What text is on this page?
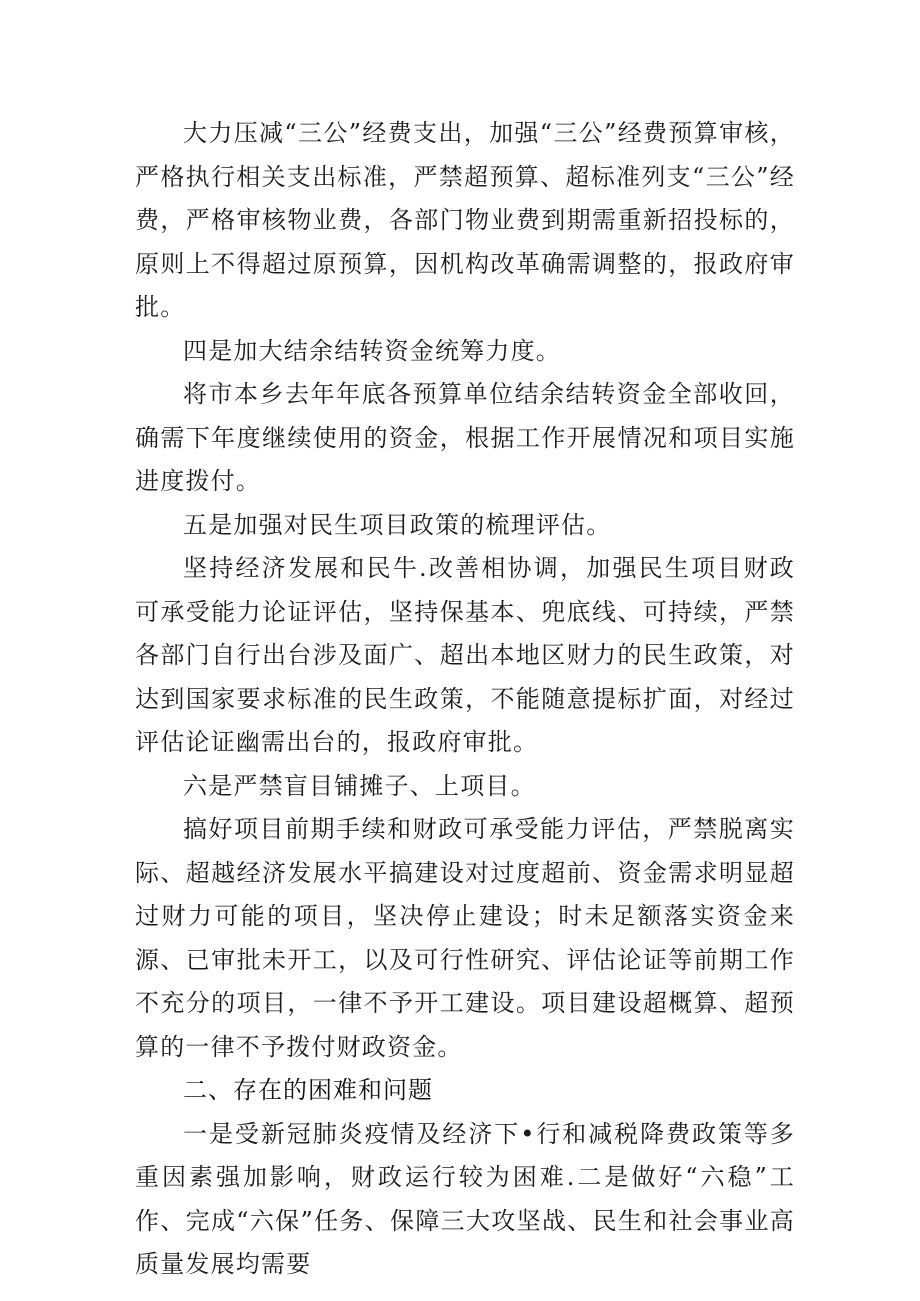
大力压减“三公”经费支出，加强“三公”经费预算审核，严格执行相关支出标准，严禁超预算、超标准列支“三公”经费，严格审核物业费，各部门物业费到期需重新招投标的，原则上不得超过原预算，因机构改革确需调整的，报政府审批。

四是加大结余结转资金统筹力度。

将市本乡去年年底各预算单位结余结转资金全部收回，确需下年度继续使用的资金，根据工作开展情况和项目实施进度拨付。

五是加强对民生项目政策的梳理评估。

坚持经济发展和民牛.改善相协调，加强民生项目财政可承受能力论证评估，坚持保基本、兜底线、可持续，严禁各部门自行出台涉及面广、超出本地区财力的民生政策，对达到国家要求标准的民生政策，不能随意提标扩面，对经过评估论证幽需出台的，报政府审批。

六是严禁盲目铺摊子、上项目。

搞好项目前期手续和财政可承受能力评估，严禁脱离实际、超越经济发展水平搞建设对过度超前、资金需求明显超过财力可能的项目，坚决停止建设；时未足额落实资金来源、已审批未开工，以及可行性研究、评估论证等前期工作不充分的项目，一律不予开工建设。项目建设超概算、超预算的一律不予拨付财政资金。

二、存在的困难和问题

一是受新冠肺炎疫情及经济下•行和减税降费政策等多重因素强加影响，财政运行较为困难.二是做好“六稳”工作、完成“六保”任务、保障三大攻坚战、民生和社会事业高质量发展均需要
